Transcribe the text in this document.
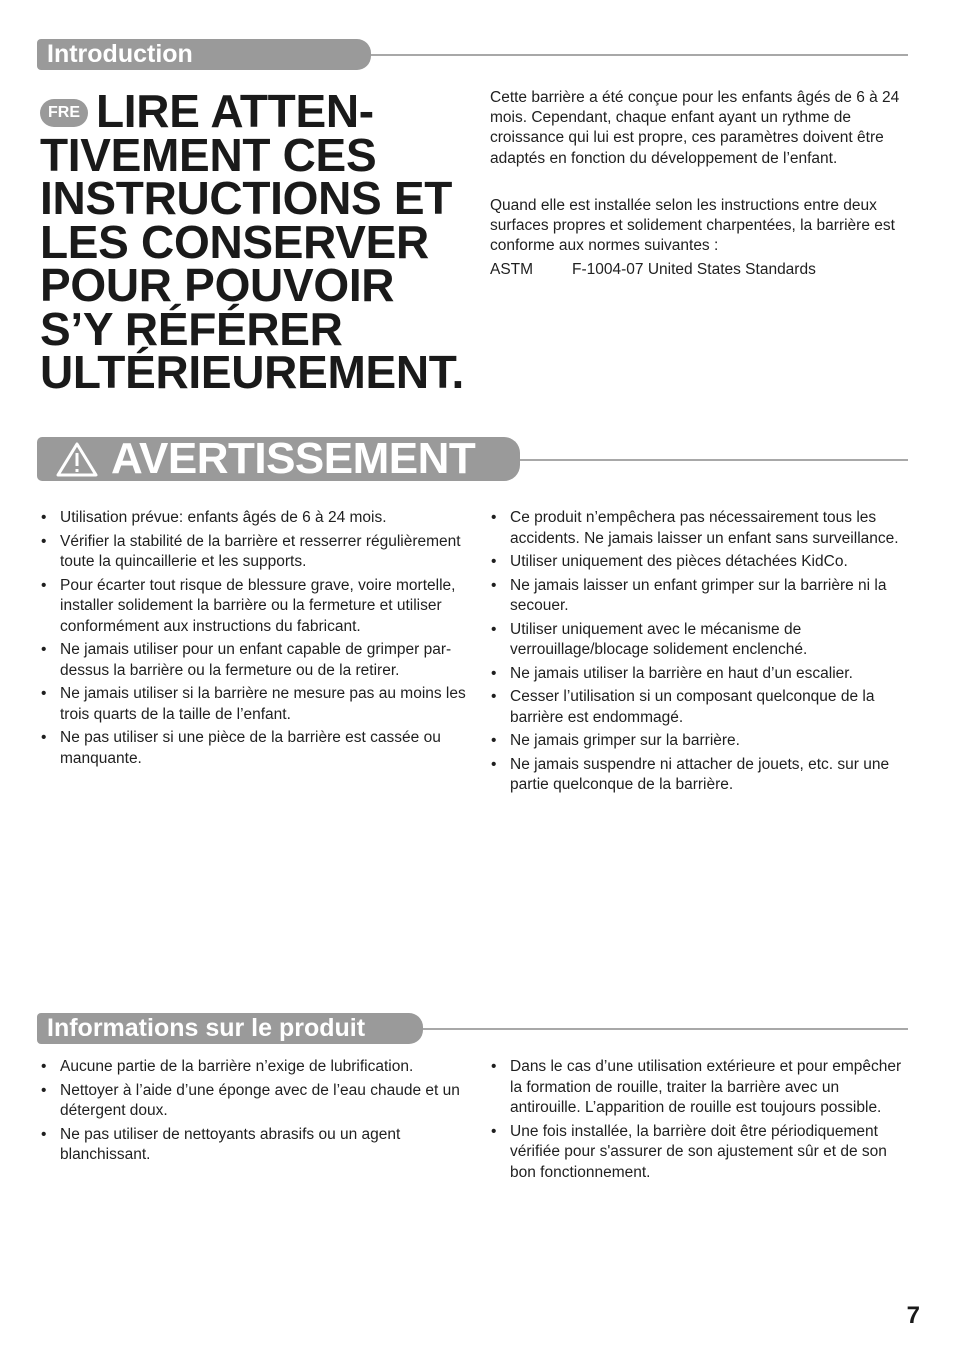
Introduction
FRE LIRE ATTEN-
TIVEMENT CES
INSTRUCTIONS ET
LES CONSERVER
POUR POUVOIR
S’Y RÉFÉRER
ULTÉRIEUREMENT.

Cette barrière a été conçue pour les enfants âgés de 6 à 24 mois. Cependant, chaque enfant ayant un rythme de croissance qui lui est propre, ces paramètres doivent être adaptés en fonction du développement de l’enfant.

Quand elle est installée selon les instructions entre deux surfaces propres et solidement charpentées, la barrière est conforme aux normes suivantes :

ASTM	F-1004-07 United States Standards

AVERTISSEMENT
• Utilisation prévue: enfants âgés de 6 à 24 mois.
• Vérifier la stabilité de la barrière et resserrer régulièrement toute la quincaillerie et les supports.
• Pour écarter tout risque de blessure grave, voire mortelle, installer solidement la barrière ou la fermeture et utiliser conformément aux instructions du fabricant.
• Ne jamais utiliser pour un enfant capable de grimper par-dessus la barrière ou la fermeture ou de la retirer.
• Ne jamais utiliser si la barrière ne mesure pas au moins les trois quarts de la taille de l’enfant.
• Ne pas utiliser si une pièce de la barrière est cassée ou manquante.
• Ce produit n’empêchera pas nécessairement tous les accidents. Ne jamais laisser un enfant sans surveillance.
• Utiliser uniquement des pièces détachées KidCo.
• Ne jamais laisser un enfant grimper sur la barrière ni la secouer.
• Utiliser uniquement avec le mécanisme de verrouillage/blocage solidement enclenché.
• Ne jamais utiliser la barrière en haut d’un escalier.
• Cesser l’utilisation si un composant quelconque de la barrière est endommagé.
• Ne jamais grimper sur la barrière.
• Ne jamais suspendre ni attacher de jouets, etc. sur une partie quelconque de la barrière.
Informations sur le produit
• Aucune partie de la barrière n’exige de lubrification.
• Nettoyer à l’aide d’une éponge avec de l’eau chaude et un détergent doux.
• Ne pas utiliser de nettoyants abrasifs ou un agent blanchissant.
• Dans le cas d’une utilisation extérieure et pour empêcher la formation de rouille, traiter la barrière avec un antirouille. L’apparition de rouille est toujours possible.
• Une fois installée, la barrière doit être périodiquement vérifiée pour s'assurer de son ajustement sûr et de son bon fonctionnement.
7
